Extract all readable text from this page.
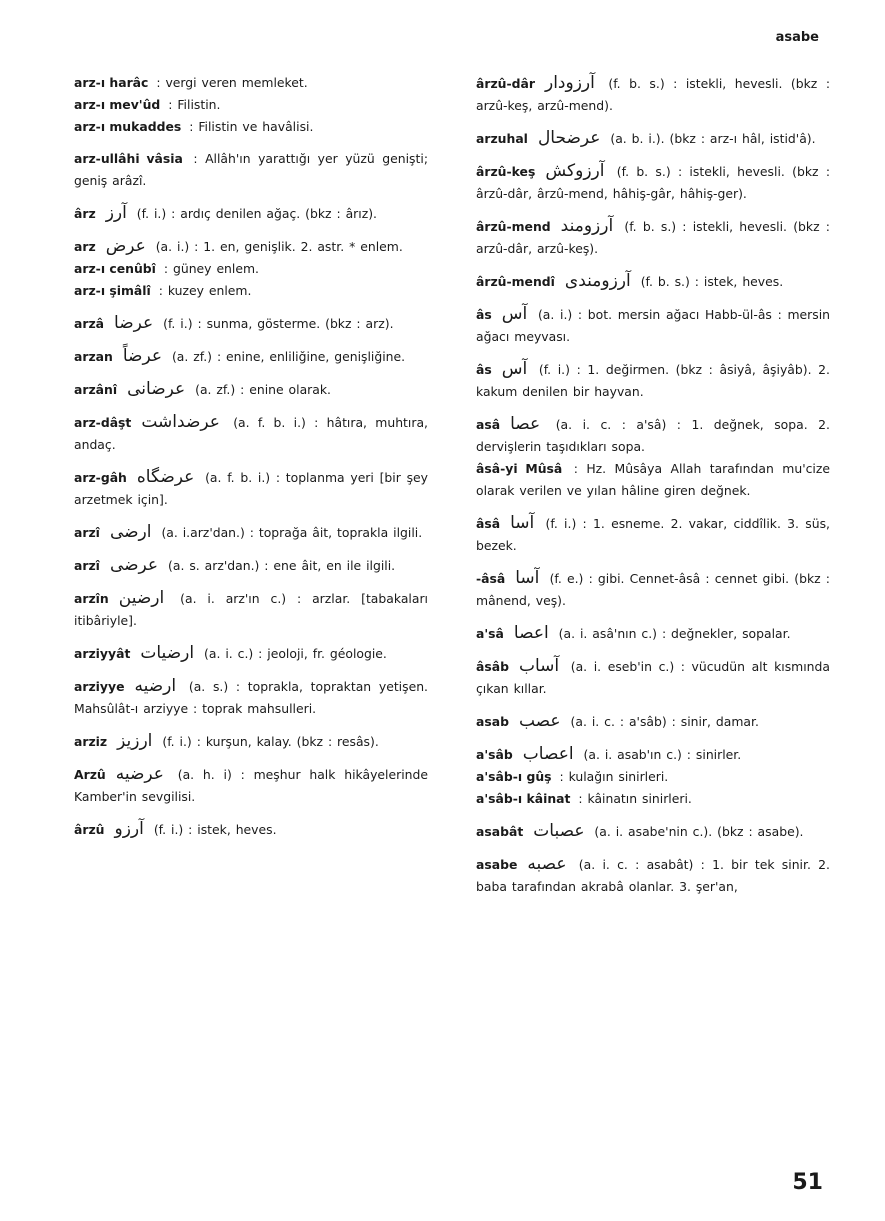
asabe

arz-ı harâc : vergi veren memleket.

arz-ı mev'ûd : Filistin.

arz-ı mukaddes : Filistin ve havâlisi.

arz-ullâhi vâsia : Allâh'ın yarattığı yer yüzü genişti; geniş arâzî.

ârz آرز (f. i.) : ardıç denilen ağaç. (bkz : ârız).

arz عرض (a. i.) : 1. en, genişlik. 2. astr. * enlem.

arz-ı cenûbî : güney enlem.

arz-ı şimâlî : kuzey enlem.

arzâ عرضا (f. i.) : sunma, gösterme. (bkz : arz).

arzan عرضاً (a. zf.) : enine, enliliğine, genişliğine.

arzânî عرضانى (a. zf.) : enine olarak.

arz-dâşt عرضداشت (a. f. b. i.) : hâtıra, muhtıra, andaç.

arz-gâh عرضگاه (a. f. b. i.) : toplanma yeri [bir şey arzetmek için].

arzî ارضى (a. i.arz'dan.) : toprağa âit, toprakla ilgili.

arzî عرضى (a. s. arz'dan.) : ene âit, en ile ilgili.

arzîn ارضين (a. i. arz'ın c.) : arzlar. [tabakaları itibâriyle].

arziyyât ارضيات (a. i. c.) : jeoloji, fr. géologie.

arziyye ارضيه (a. s.) : toprakla, topraktan yetişen. Mahsûlât-ı arziyye : toprak mahsulleri.

arziz ارزيز (f. i.) : kurşun, kalay. (bkz : resâs).

Arzû عرضيه (a. h. i) : meşhur halk hikâyelerinde Kamber'in sevgilisi.

ârzû آرزو (f. i.) : istek, heves.

ârzû-dâr آرزودار (f. b. s.) : istekli, hevesli. (bkz : arzû-keş, arzû-mend).

arzuhal عرضحال (a. b. i.). (bkz : arz-ı hâl, istid'â).

ârzû-keş آرزوكش (f. b. s.) : istekli, hevesli. (bkz : ârzû-dâr, ârzû-mend, hâhiş-gâr, hâhiş-ger).

ârzû-mend آرزومند (f. b. s.) : istekli, hevesli. (bkz : arzû-dâr, arzû-keş).

ârzû-mendî آرزومندى (f. b. s.) : istek, heves.

âs آس (a. i.) : bot. mersin ağacı Habb-ül-âs : mersin ağacı meyvası.

âs آس (f. i.) : 1. değirmen. (bkz : âsiyâ, âşiyâb). 2. kakum denilen bir hayvan.

asâ عصا (a. i. c. : a'sâ) : 1. değnek, sopa. 2. dervişlerin taşıdıkları sopa.

âsâ-yi Mûsâ : Hz. Mûsâya Allah tarafından mu'cize olarak verilen ve yılan hâline giren değnek.

âsâ آسا (f. i.) : 1. esneme. 2. vakar, ciddîlik. 3. süs, bezek.

-âsâ آسا (f. e.) : gibi. Cennet-âsâ : cennet gibi. (bkz : mânend, veş).

a'sâ اعصا (a. i. asâ'nın c.) : değnekler, sopalar.

âsâb آساب (a. i. eseb'in c.) : vücudün alt kısmında çıkan kıllar.

asab عصب (a. i. c. : a'sâb) : sinir, damar.

a'sâb اعصاب (a. i. asab'ın c.) : sinirler.

a'sâb-ı gûş : kulağın sinirleri.

a'sâb-ı kâinat : kâinatın sinirleri.

asabât عصبات (a. i. asabe'nin c.). (bkz : asabe).

asabe عصبه (a. i. c. : asabât) : 1. bir tek sinir. 2. baba tarafından akrabâ olanlar. 3. şer'an,

51
